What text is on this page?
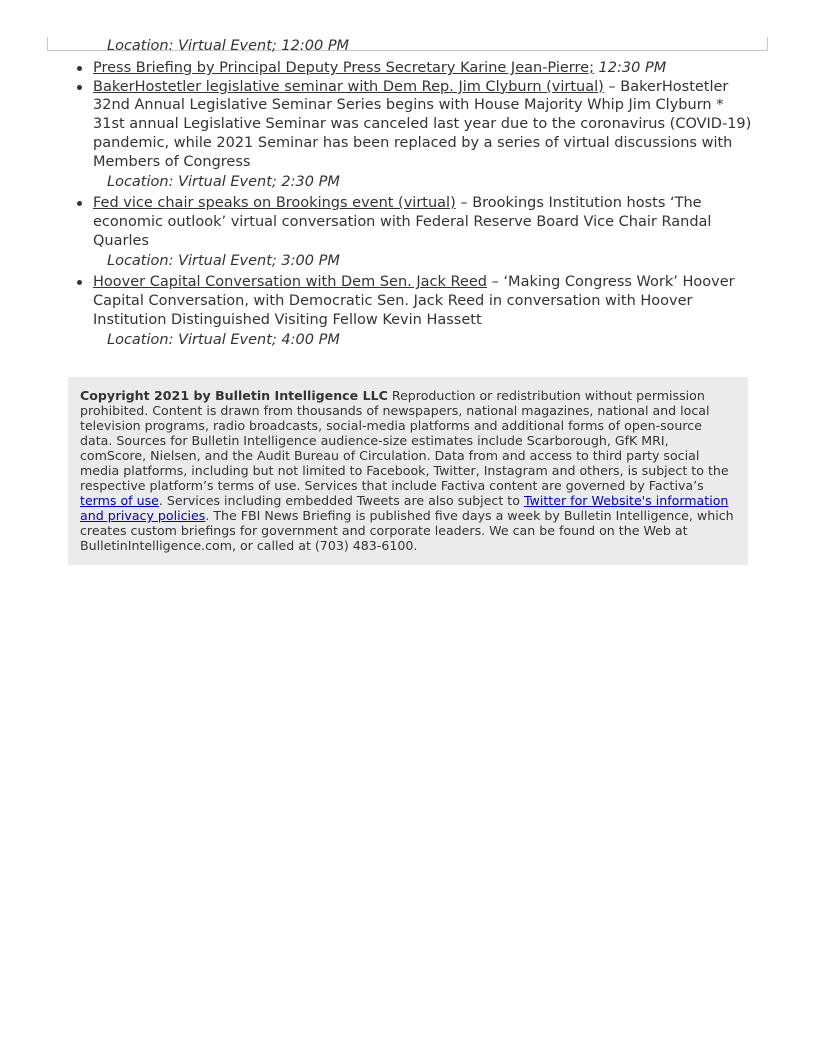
Location: Virtual Event; 12:00 PM

Press Briefing by Principal Deputy Press Secretary Karine Jean-Pierre; 12:30 PM
BakerHostetler legislative seminar with Dem Rep. Jim Clyburn (virtual) – BakerHostetler 32nd Annual Legislative Seminar Series begins with House Majority Whip Jim Clyburn * 31st annual Legislative Seminar was canceled last year due to the coronavirus (COVID-19) pandemic, while 2021 Seminar has been replaced by a series of virtual discussions with Members of Congress
Location: Virtual Event; 2:30 PM
Fed vice chair speaks on Brookings event (virtual) – Brookings Institution hosts ‘The economic outlook’ virtual conversation with Federal Reserve Board Vice Chair Randal Quarles
Location: Virtual Event; 3:00 PM
Hoover Capital Conversation with Dem Sen. Jack Reed – ‘Making Congress Work’ Hoover Capital Conversation, with Democratic Sen. Jack Reed in conversation with Hoover Institution Distinguished Visiting Fellow Kevin Hassett
Location: Virtual Event; 4:00 PM
Copyright 2021 by Bulletin Intelligence LLC Reproduction or redistribution without permission prohibited. Content is drawn from thousands of newspapers, national magazines, national and local television programs, radio broadcasts, social-media platforms and additional forms of open-source data. Sources for Bulletin Intelligence audience-size estimates include Scarborough, GfK MRI, comScore, Nielsen, and the Audit Bureau of Circulation. Data from and access to third party social media platforms, including but not limited to Facebook, Twitter, Instagram and others, is subject to the respective platform’s terms of use. Services that include Factiva content are governed by Factiva’s terms of use. Services including embedded Tweets are also subject to Twitter for Website's information and privacy policies. The FBI News Briefing is published five days a week by Bulletin Intelligence, which creates custom briefings for government and corporate leaders. We can be found on the Web at BulletinIntelligence.com, or called at (703) 483-6100.
